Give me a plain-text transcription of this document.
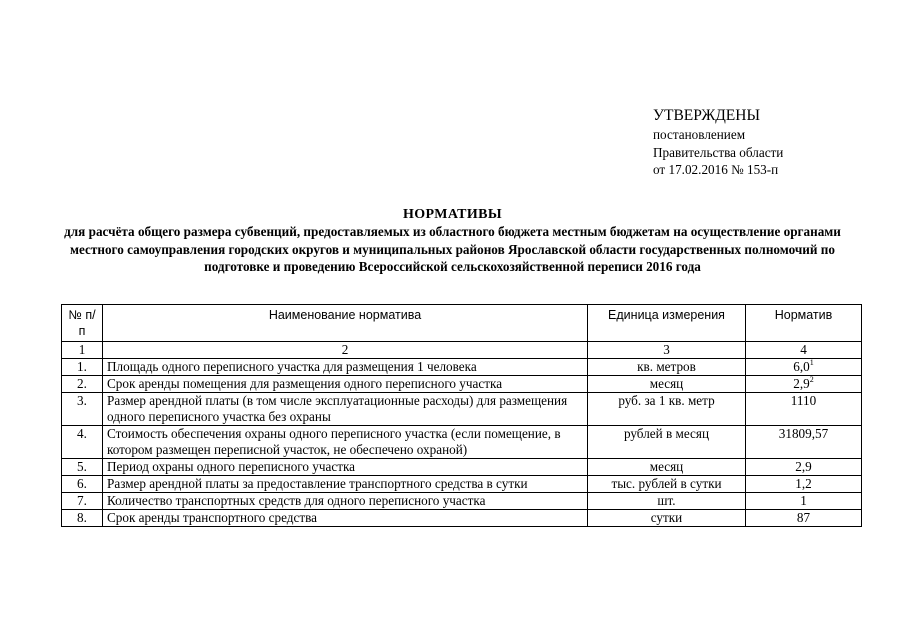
УТВЕРЖДЕНЫ
постановлением
Правительства области
от 17.02.2016 № 153-п
НОРМАТИВЫ
для расчёта общего размера субвенций, предоставляемых из областного бюджета местным бюджетам на осуществление органами местного самоуправления городских округов и муниципальных районов Ярославской области государственных полномочий по подготовке и проведению Всероссийской сельскохозяйственной переписи 2016 года
№ п/п	Наименование норматива	Единица измерения	Норматив
1	2	3	4
1.	Площадь одного переписного участка для размещения 1 человека	кв. метров	$6,0^1$
2.	Срок аренды помещения для размещения одного переписного участка	месяц	$2,9^2$
3.	Размер арендной платы (в том числе эксплуатационные расходы) для размещения одного переписного участка без охраны	руб. за 1 кв. метр	1110
4.	Стоимость обеспечения охраны одного переписного участка (если помещение, в котором размещен переписной участок, не обеспечено охраной)	рублей в месяц	31809,57
5.	Период охраны одного переписного участка	месяц	2,9
6.	Размер арендной платы за предоставление транспортного средства в сутки	тыс. рублей в сутки	1,2
7.	Количество транспортных средств для одного переписного участка	шт.	1
8.	Срок аренды транспортного средства	сутки	87
